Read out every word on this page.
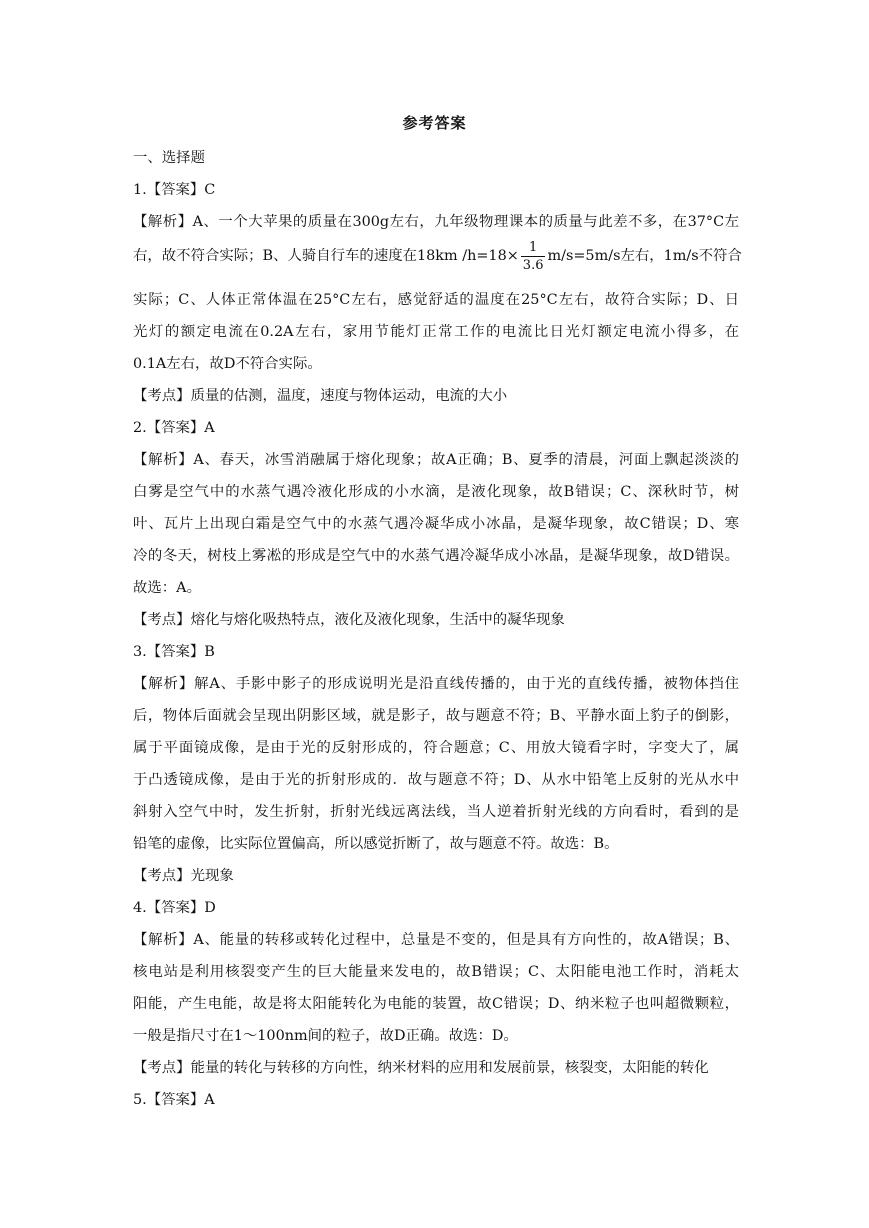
参考答案
一、选择题
1.【答案】C
【解析】A、一个大苹果的质量在300g左右，九年级物理课本的质量与此差不多，在37°C左
右，故不符合实际；B、人骑自行车的速度在18km $/h=18\times \frac{1}{3.6} m/s=5m/s$左右，1m/s不符合
实际；C、人体正常体温在25°C左右，感觉舒适的温度在25°C左右，故符合实际；D、日
光灯的额定电流在0.2A左右，家用节能灯正常工作的电流比日光灯额定电流小得多，在
0.1A左右，故D不符合实际。
【考点】质量的估测，温度，速度与物体运动，电流的大小
2.【答案】A
【解析】A、春天，冰雪消融属于熔化现象；故A正确；B、夏季的清晨，河面上飘起淡淡的
白雾是空气中的水蒸气遇冷液化形成的小水滴，是液化现象，故B错误；C、深秋时节，树
叶、瓦片上出现白霜是空气中的水蒸气遇冷凝华成小冰晶，是凝华现象，故C错误；D、寒
冷的冬天，树枝上雾凇的形成是空气中的水蒸气遇冷凝华成小冰晶，是凝华现象，故D错误。
故选：A。
【考点】熔化与熔化吸热特点，液化及液化现象，生活中的凝华现象
3.【答案】B
【解析】解A、手影中影子的形成说明光是沿直线传播的，由于光的直线传播，被物体挡住
后，物体后面就会呈现出阴影区域，就是影子，故与题意不符；B、平静水面上豹子的倒影，
属于平面镜成像，是由于光的反射形成的，符合题意；C、用放大镜看字时，字变大了，属
于凸透镜成像，是由于光的折射形成的．故与题意不符；D、从水中铅笔上反射的光从水中
斜射入空气中时，发生折射，折射光线远离法线，当人逆着折射光线的方向看时，看到的是
铅笔的虚像，比实际位置偏高，所以感觉折断了，故与题意不符。故选：B。
【考点】光现象
4.【答案】D
【解析】A、能量的转移或转化过程中，总量是不变的，但是具有方向性的，故A错误；B、
核电站是利用核裂变产生的巨大能量来发电的，故B错误；C、太阳能电池工作时，消耗太
阳能，产生电能，故是将太阳能转化为电能的装置，故C错误；D、纳米粒子也叫超微颗粒，
一般是指尺寸在1～100nm间的粒子，故D正确。故选：D。
【考点】能量的转化与转移的方向性，纳米材料的应用和发展前景，核裂变，太阳能的转化
5.【答案】A
